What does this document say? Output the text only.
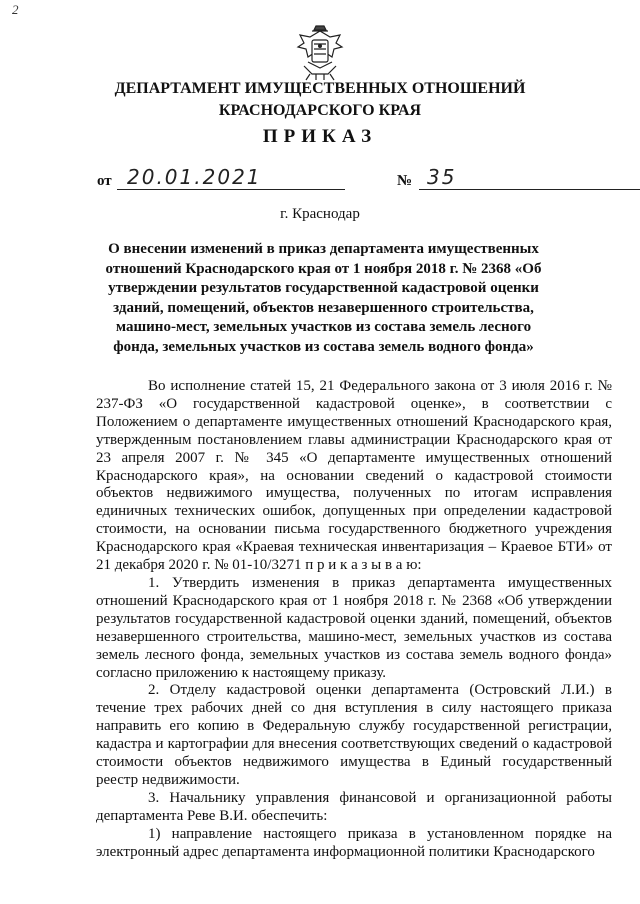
2
ДЕПАРТАМЕНТ ИМУЩЕСТВЕННЫХ ОТНОШЕНИЙ
КРАСНОДАРСКОГО КРАЯ
ПРИКАЗ
от 20.01.2021	№ 35
г. Краснодар
О внесении изменений в приказ департамента имущественных отношений Краснодарского края от 1 ноября 2018 г. № 2368 «Об утверждении результатов государственной кадастровой оценки зданий, помещений, объектов незавершенного строительства, машино-мест, земельных участков из состава земель лесного фонда, земельных участков из состава земель водного фонда»

Во исполнение статей 15, 21 Федерального закона от 3 июля 2016 г. № 237-ФЗ «О государственной кадастровой оценке», в соответствии с Положением о департаменте имущественных отношений Краснодарского края, утвержденным постановлением главы администрации Краснодарского края от 23 апреля 2007 г. № 345 «О департаменте имущественных отношений Краснодарского края», на основании сведений о кадастровой стоимости объектов недвижимого имущества, полученных по итогам исправления единичных технических ошибок, допущенных при определении кадастровой стоимости, на основании письма государственного бюджетного учреждения Краснодарского края «Краевая техническая инвентаризация – Краевое БТИ» от 21 декабря 2020 г. № 01-10/3271 п р и к а з ы в а ю:

1. Утвердить изменения в приказ департамента имущественных отношений Краснодарского края от 1 ноября 2018 г. № 2368 «Об утверждении результатов государственной кадастровой оценки зданий, помещений, объектов незавершенного строительства, машино-мест, земельных участков из состава земель лесного фонда, земельных участков из состава земель водного фонда» согласно приложению к настоящему приказу.

2. Отделу кадастровой оценки департамента (Островский Л.И.) в течение трех рабочих дней со дня вступления в силу настоящего приказа направить его копию в Федеральную службу государственной регистрации, кадастра и картографии для внесения соответствующих сведений о кадастровой стоимости объектов недвижимого имущества в Единый государственный реестр недвижимости.

3. Начальнику управления финансовой и организационной работы департамента Реве В.И. обеспечить:

1) направление настоящего приказа в установленном порядке на электронный адрес департамента информационной политики Краснодарского
